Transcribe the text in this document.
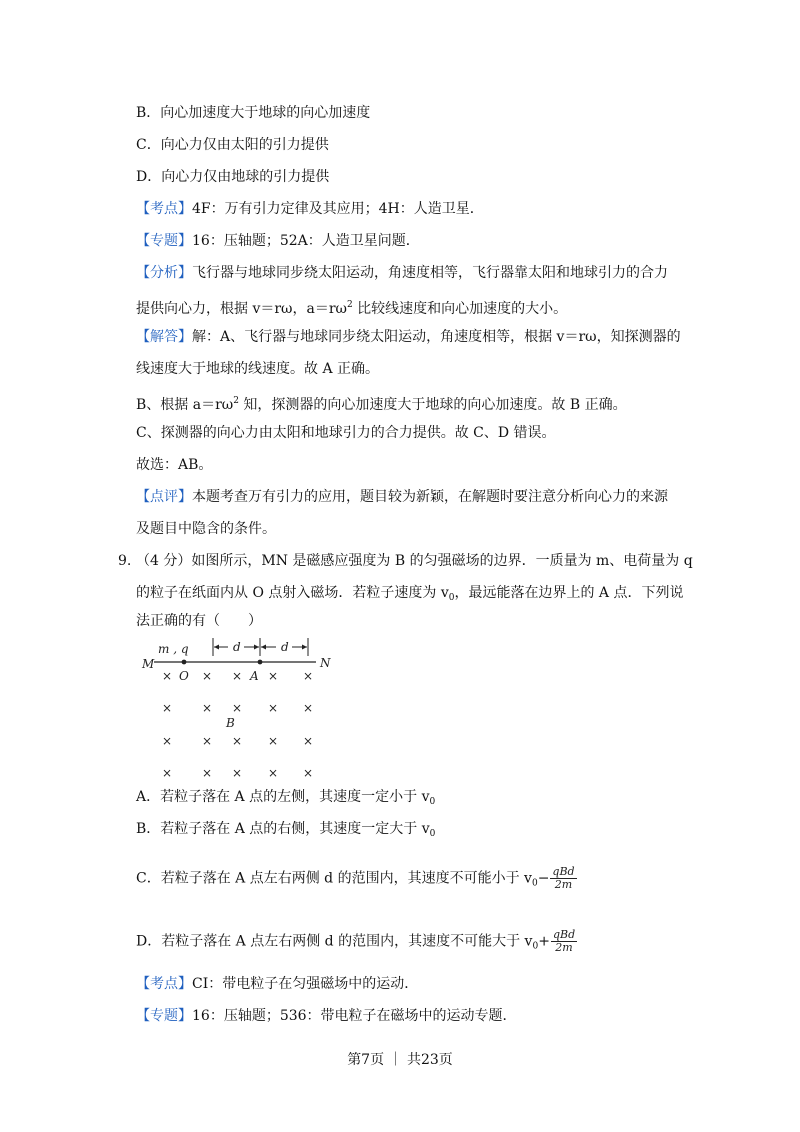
B．向心加速度大于地球的向心加速度
C．向心力仅由太阳的引力提供
D．向心力仅由地球的引力提供
【考点】4F：万有引力定律及其应用；4H：人造卫星．
【专题】16：压轴题；52A：人造卫星问题．
【分析】飞行器与地球同步绕太阳运动，角速度相等，飞行器靠太阳和地球引力的合力
提供向心力，根据 v＝rω，$a=r\omega^2$ 比较线速度和向心加速度的大小。
【解答】解：A、飞行器与地球同步绕太阳运动，角速度相等，根据 v＝rω，知探测器的
线速度大于地球的线速度。故 A 正确。
B、根据 $a=r\omega^2$ 知，探测器的向心加速度大于地球的向心加速度。故 B 正确。
C、探测器的向心力由太阳和地球引力的合力提供。故 C、D 错误。
故选：AB。
【点评】本题考查万有引力的应用，题目较为新颖，在解题时要注意分析向心力的来源
及题目中隐含的条件。
9. （4 分）如图所示，MN 是磁感应强度为 B 的匀强磁场的边界．一质量为 m、电荷量为 q
的粒子在纸面内从 O 点射入磁场．若粒子速度为 $v_0$，最远能落在边界上的 A 点．下列说
法正确的有（　　）
m , q	d	d
M	N
× O × × A × ×
× × × × ×
B
× × × × ×
× × × × ×
A．若粒子落在 A 点的左侧，其速度一定小于 $v_0$
B．若粒子落在 A 点的右侧，其速度一定大于 $v_0$
C．若粒子落在 A 点左右两侧 d 的范围内，其速度不可能小于 $v_0- \frac{\text{qBd}}{2m}$
D．若粒子落在 A 点左右两侧 d 的范围内，其速度不可能大于 $v_0+ \frac{\text{qBd}}{2m}$
【考点】CI：带电粒子在匀强磁场中的运动．
【专题】16：压轴题；536：带电粒子在磁场中的运动专题．
第7页 ｜ 共23页
